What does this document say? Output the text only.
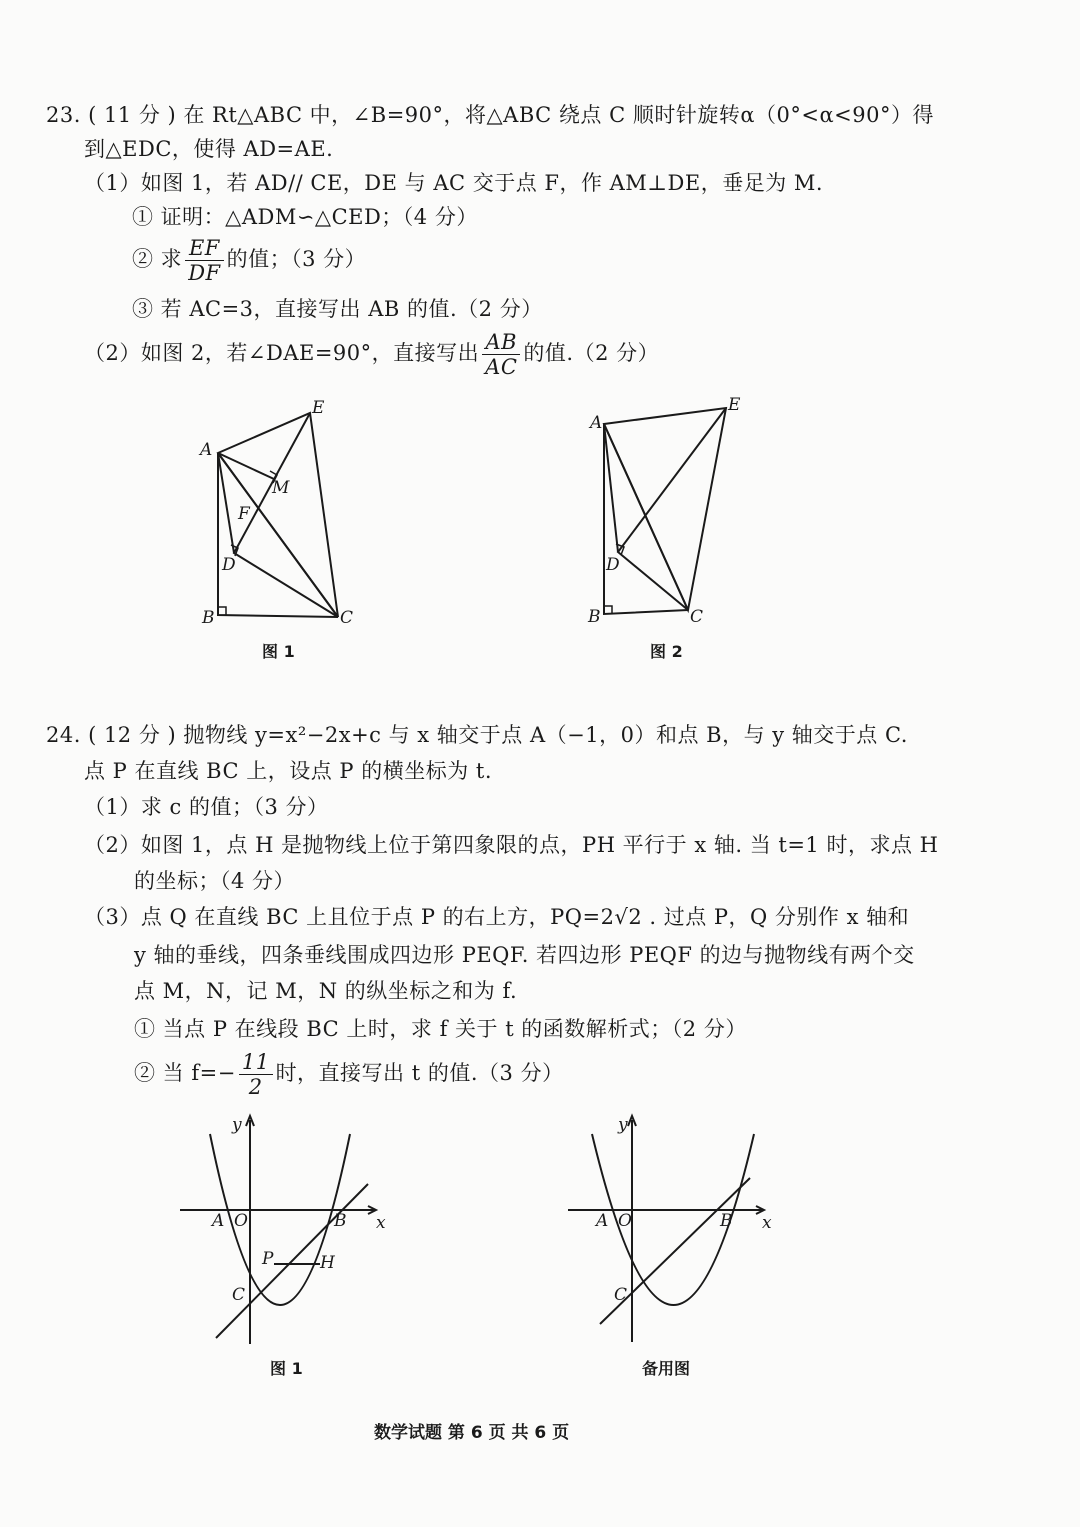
23. ( 11 分 ) 在 Rt△ABC 中，∠B=90°，将△ABC 绕点 C 顺时针旋转α（0°<α<90°）得
到△EDC，使得 AD=AE.
（1）如图 1，若 AD// CE，DE 与 AC 交于点 F，作 AM⊥DE，垂足为 M.
① 证明：△ADM∽△CED；（4 分）
② 求 $\frac{EF}{DF}$ 的值；（3 分）
③ 若 AC=3，直接写出 AB 的值.（2 分）
（2）如图 2，若∠DAE=90°，直接写出 $\frac{AB}{AC}$ 的值.（2 分）
A
B	C
D
E
F
M
图 1
A
B	C
D
E
图 2
24. ( 12 分 ) 抛物线 y=x²−2x+c 与 x 轴交于点 A（−1，0）和点 B，与 y 轴交于点 C.
点 P 在直线 BC 上，设点 P 的横坐标为 t.
（1）求 c 的值；（3 分）
（2）如图 1，点 H 是抛物线上位于第四象限的点，PH 平行于 x 轴. 当 t=1 时，求点 H
的坐标；（4 分）
（3）点 Q 在直线 BC 上且位于点 P 的右上方，PQ=2√2 . 过点 P，Q 分别作 x 轴和
y 轴的垂线，四条垂线围成四边形 PEQF. 若四边形 PEQF 的边与抛物线有两个交
点 M，N，记 M，N 的纵坐标之和为 f.
① 当点 P 在线段 BC 上时，求 f 关于 t 的函数解析式；（2 分）
② 当 $f=- \frac{11}{2}$ 时，直接写出 t 的值.（3 分）
y
x
A O	B
C
P	H
图 1
y
x
A O	B
C
备用图
数学试题 第 6 页 共 6 页
